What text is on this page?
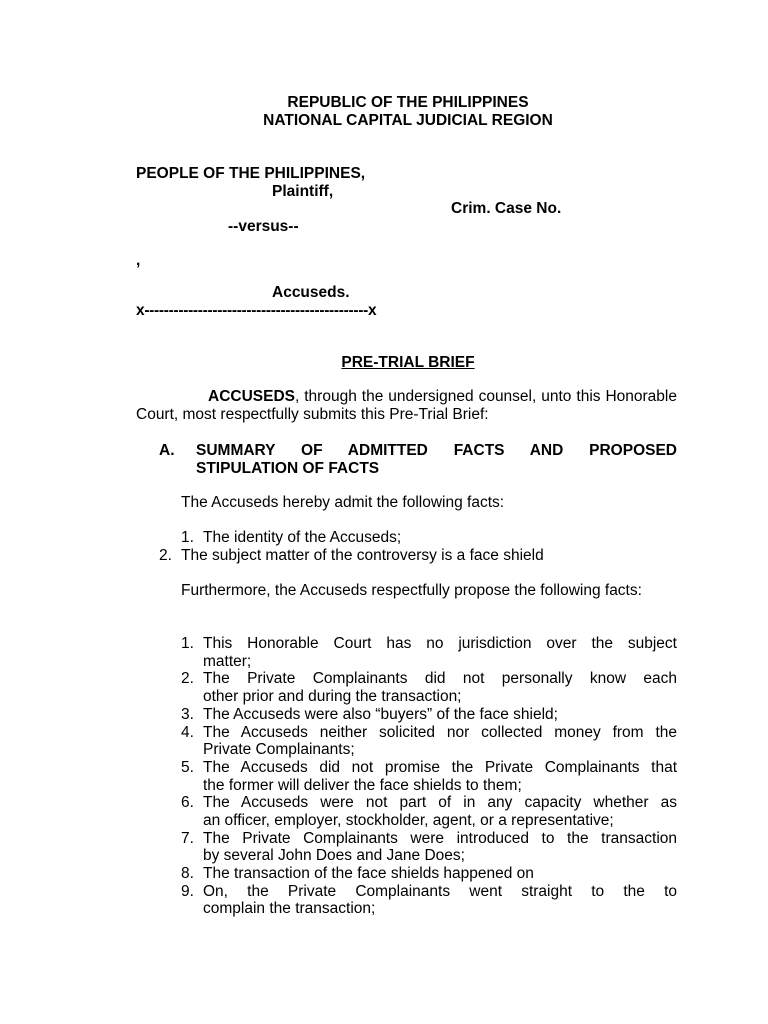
REPUBLIC OF THE PHILIPPINES
NATIONAL CAPITAL JUDICIAL REGION
PEOPLE OF THE PHILIPPINES,
Plaintiff,
Crim. Case No.
--versus--
,
Accuseds.
x----------------------------------------------x
PRE-TRIAL BRIEF
ACCUSEDS, through the undersigned counsel, unto this Honorable Court, most respectfully submits this Pre-Trial Brief:
A. SUMMARY OF ADMITTED FACTS AND PROPOSED
STIPULATION OF FACTS
The Accuseds hereby admit the following facts:
1. The identity of the Accuseds;
2. The subject matter of the controversy is a face shield
Furthermore, the Accuseds respectfully propose the following facts:
1. This Honorable Court has no jurisdiction over the subject
matter;
2. The Private Complainants did not personally know each
other prior and during the transaction;
3. The Accuseds were also “buyers” of the face shield;
4. The Accuseds neither solicited nor collected money from the
Private Complainants;
5. The Accuseds did not promise the Private Complainants that
the former will deliver the face shields to them;
6. The Accuseds were not part of in any capacity whether as
an officer, employer, stockholder, agent, or a representative;
7. The Private Complainants were introduced to the transaction
by several John Does and Jane Does;
8. The transaction of the face shields happened on
9. On, the Private Complainants went straight to the to
complain the transaction;
